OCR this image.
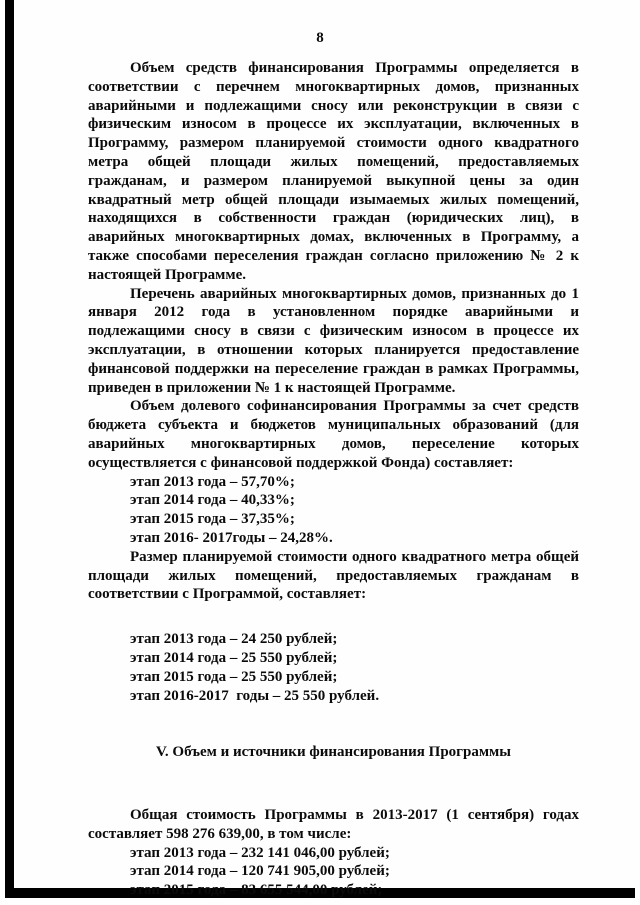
8
Объем средств финансирования Программы определяется в соответствии с перечнем многоквартирных домов, признанных аварийными и подлежащими сносу или реконструкции в связи с физическим износом в процессе их эксплуатации, включенных в Программу, размером планируемой стоимости одного квадратного метра общей площади жилых помещений, предоставляемых гражданам, и размером планируемой выкупной цены за один квадратный метр общей площади изымаемых жилых помещений, находящихся в собственности граждан (юридических лиц), в аварийных многоквартирных домах, включенных в Программу, а также способами переселения граждан согласно приложению № 2 к настоящей Программе.
Перечень аварийных многоквартирных домов, признанных до 1 января 2012 года в установленном порядке аварийными и подлежащими сносу в связи с физическим износом в процессе их эксплуатации, в отношении которых планируется предоставление финансовой поддержки на переселение граждан в рамках Программы, приведен в приложении № 1 к настоящей Программе.
Объем долевого софинансирования Программы за счет средств бюджета субъекта и бюджетов муниципальных образований (для аварийных многоквартирных домов, переселение которых осуществляется с финансовой поддержкой Фонда) составляет:
этап 2013 года – 57,70%;
этап 2014 года – 40,33%;
этап 2015 года – 37,35%;
этап 2016- 2017годы – 24,28%.
Размер планируемой стоимости одного квадратного метра общей площади жилых помещений, предоставляемых гражданам в соответствии с Программой, составляет:
этап 2013 года – 24 250 рублей;
этап 2014 года – 25 550 рублей;
этап 2015 года – 25 550 рублей;
этап 2016-2017  годы – 25 550 рублей.
V. Объем и источники финансирования Программы
Общая стоимость Программы в 2013-2017 (1 сентября) годах составляет 598 276 639,00, в том числе:
этап 2013 года – 232 141 046,00 рублей;
этап 2014 года – 120 741 905,00 рублей;
этап 2015 года – 83 655 544,00 рублей;
